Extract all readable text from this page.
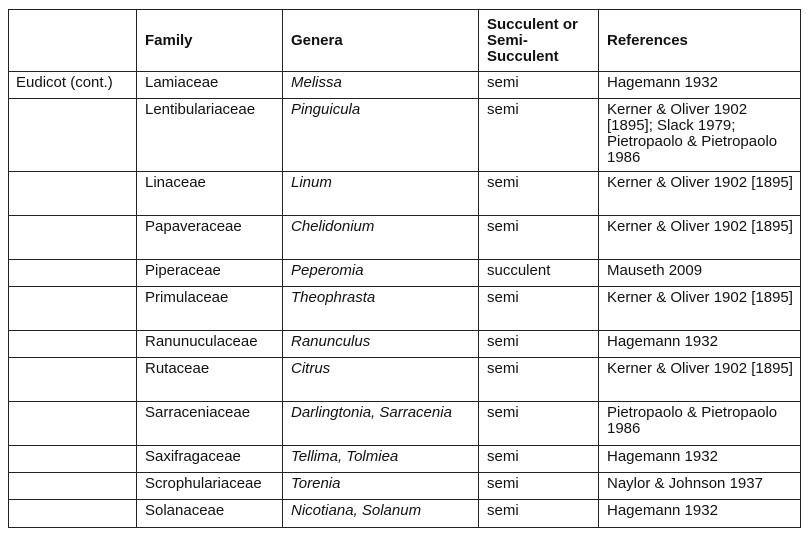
	Family	Genera	Succulent or Semi-Succulent	References
Eudicot (cont.)	Lamiaceae	Melissa	semi	Hagemann 1932
	Lentibulariaceae	Pinguicula	semi	Kerner & Oliver 1902 [1895]; Slack 1979; Pietropaolo & Pietropaolo 1986
	Linaceae	Linum	semi	Kerner & Oliver 1902 [1895]
	Papaveraceae	Chelidonium	semi	Kerner & Oliver 1902 [1895]
	Piperaceae	Peperomia	succulent	Mauseth 2009
	Primulaceae	Theophrasta	semi	Kerner & Oliver 1902 [1895]
	Ranunuculaceae	Ranunculus	semi	Hagemann 1932
	Rutaceae	Citrus	semi	Kerner & Oliver 1902 [1895]
	Sarraceniaceae	Darlingtonia, Sarracenia	semi	Pietropaolo & Pietropaolo 1986
	Saxifragaceae	Tellima, Tolmiea	semi	Hagemann 1932
	Scrophulariaceae	Torenia	semi	Naylor & Johnson 1937
	Solanaceae	Nicotiana, Solanum	semi	Hagemann 1932
